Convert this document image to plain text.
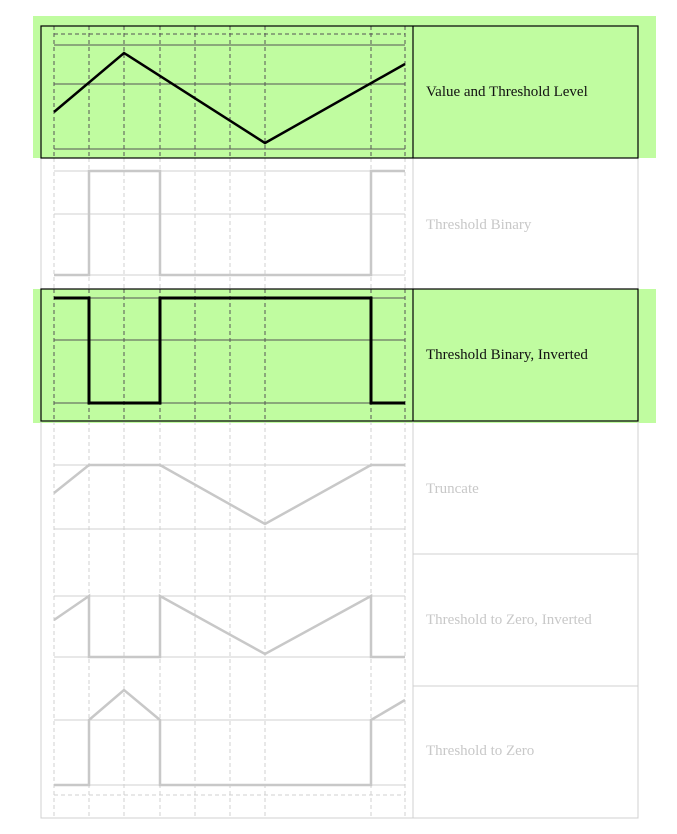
Value and Threshold Level
Threshold Binary
Threshold Binary, Inverted
Truncate
Threshold to Zero, Inverted
Threshold to Zero
